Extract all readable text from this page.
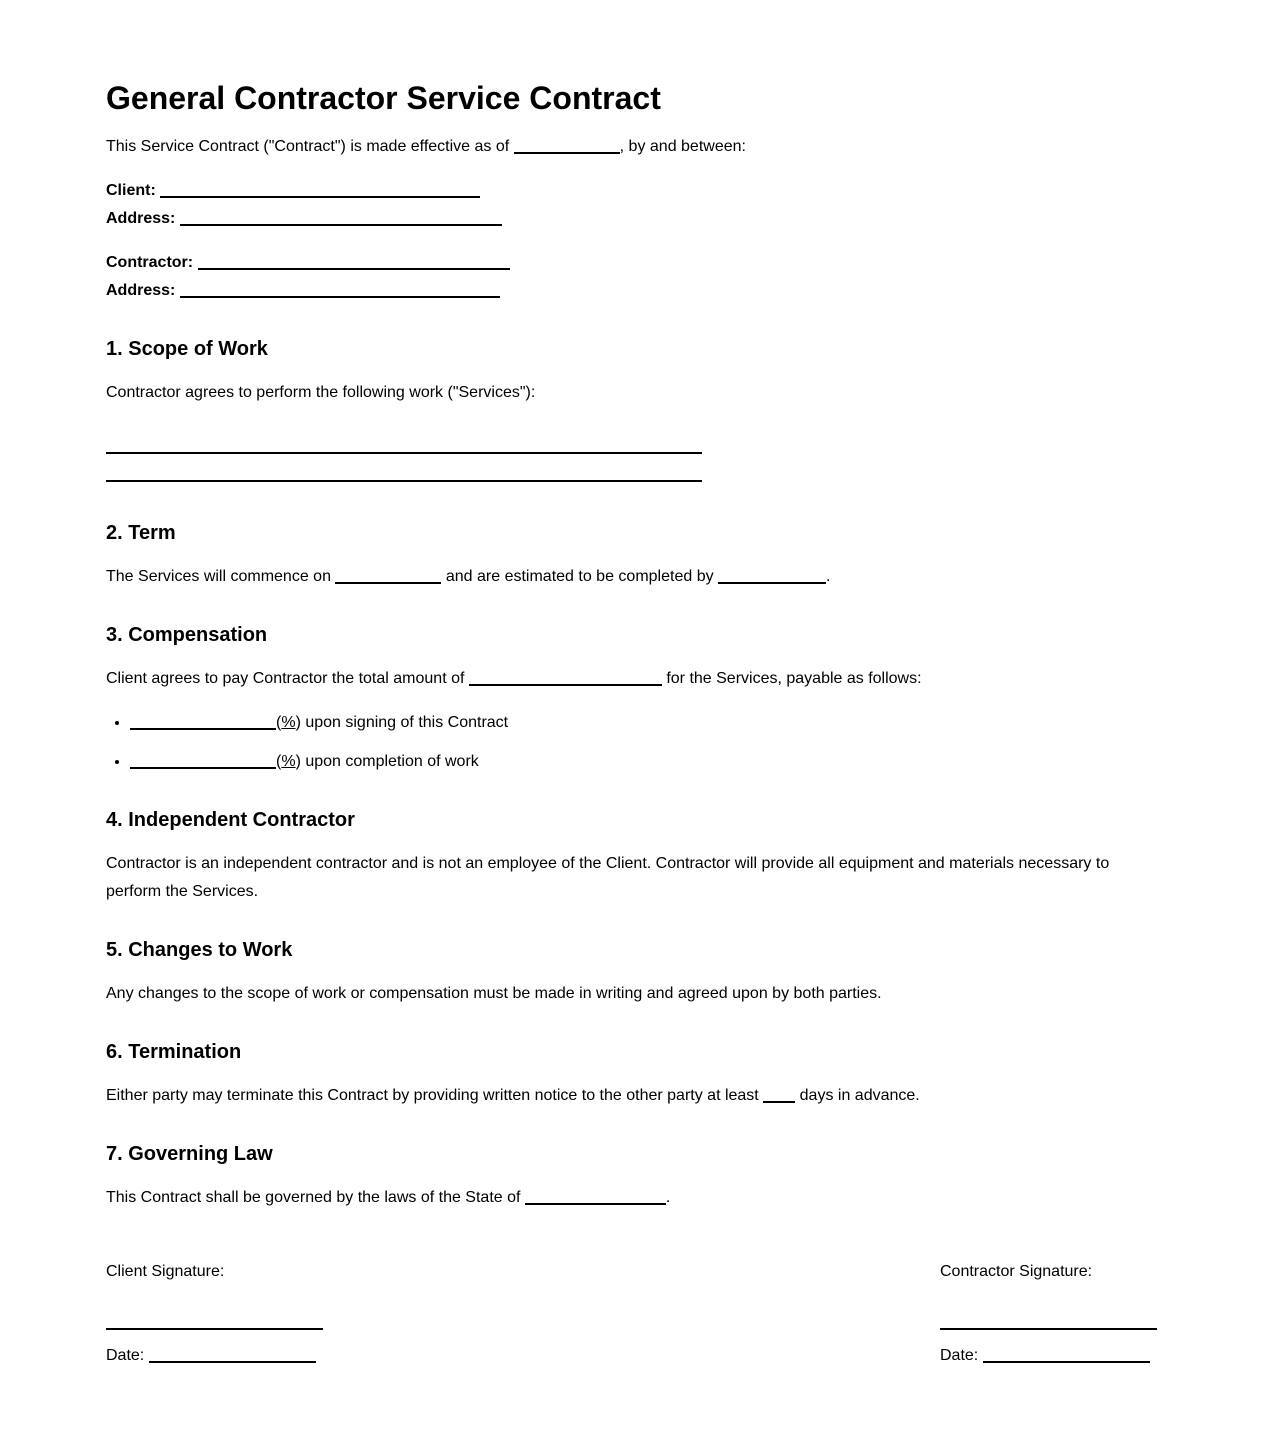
General Contractor Service Contract

This Service Contract ("Contract") is made effective as of	, by and between:

Client:
Address:

Contractor:
Address:

1. Scope of Work

Contractor agrees to perform the following work ("Services"):

2. Term

The Services will commence on	and are estimated to be completed by	.

3. Compensation

Client agrees to pay Contractor the total amount of	for the Services, payable as follows:

• (%) upon signing of this Contract
• (%) upon completion of work
4. Independent Contractor

Contractor is an independent contractor and is not an employee of the Client. Contractor will provide all equipment and materials necessary to perform the Services.

5. Changes to Work

Any changes to the scope of work or compensation must be made in writing and agreed upon by both parties.

6. Termination

Either party may terminate this Contract by providing written notice to the other party at least  days in advance.

7. Governing Law

This Contract shall be governed by the laws of the State of	.

Client Signature:

Date:

Contractor Signature:

Date:
